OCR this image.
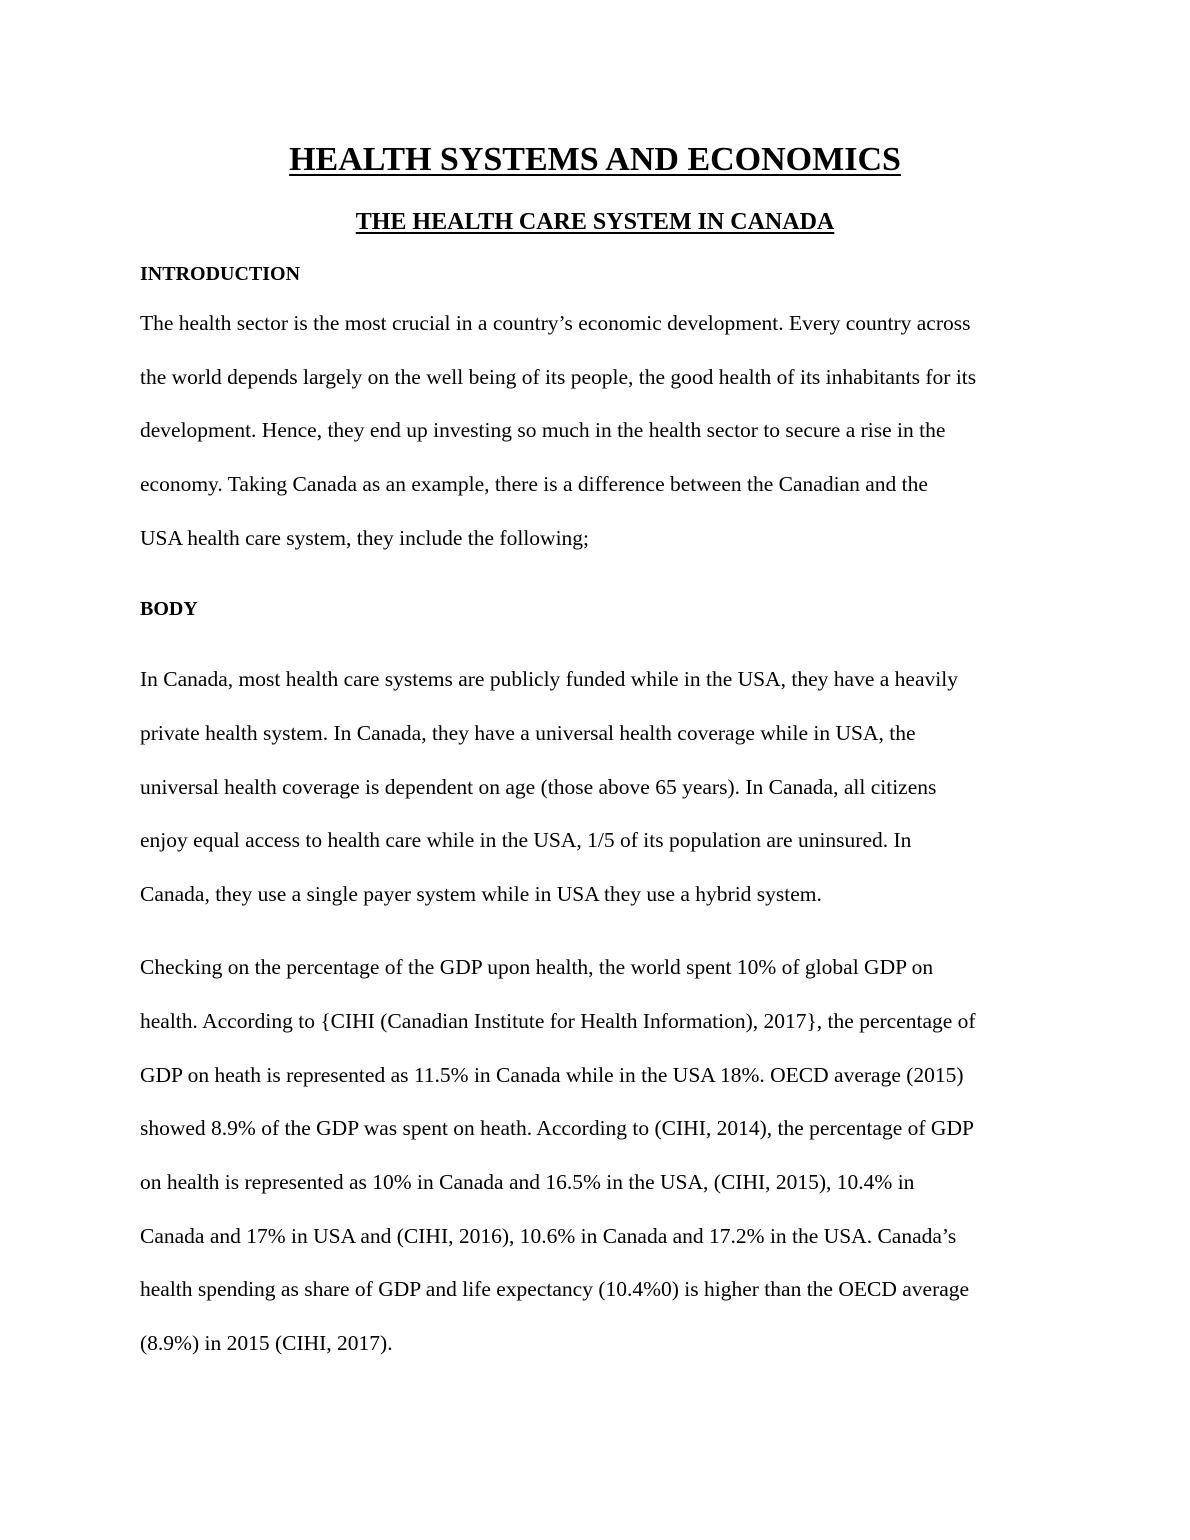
HEALTH SYSTEMS AND ECONOMICS
THE HEALTH CARE SYSTEM IN CANADA
INTRODUCTION
The health sector is the most crucial in a country’s economic development. Every country across
the world depends largely on the well being of its people, the good health of its inhabitants for its
development. Hence, they end up investing so much in the health sector to secure a rise in the
economy. Taking Canada as an example, there is a difference between the Canadian and the
USA health care system, they include the following;
BODY
In Canada, most health care systems are publicly funded while in the USA, they have a heavily
private health system. In Canada, they have a universal health coverage while in USA, the
universal health coverage is dependent on age (those above 65 years). In Canada, all citizens
enjoy equal access to health care while in the USA, 1/5 of its population are uninsured. In
Canada, they use a single payer system while in USA they use a hybrid system.
Checking on the percentage of the GDP upon health, the world spent 10% of global GDP on
health. According to {CIHI (Canadian Institute for Health Information), 2017}, the percentage of
GDP on heath is represented as 11.5% in Canada while in the USA 18%. OECD average (2015)
showed 8.9% of the GDP was spent on heath. According to (CIHI, 2014), the percentage of GDP
on health is represented as 10% in Canada and 16.5% in the USA, (CIHI, 2015), 10.4% in
Canada and 17% in USA and (CIHI, 2016), 10.6% in Canada and 17.2% in the USA. Canada’s
health spending as share of GDP and life expectancy (10.4%0) is higher than the OECD average
(8.9%) in 2015 (CIHI, 2017).
